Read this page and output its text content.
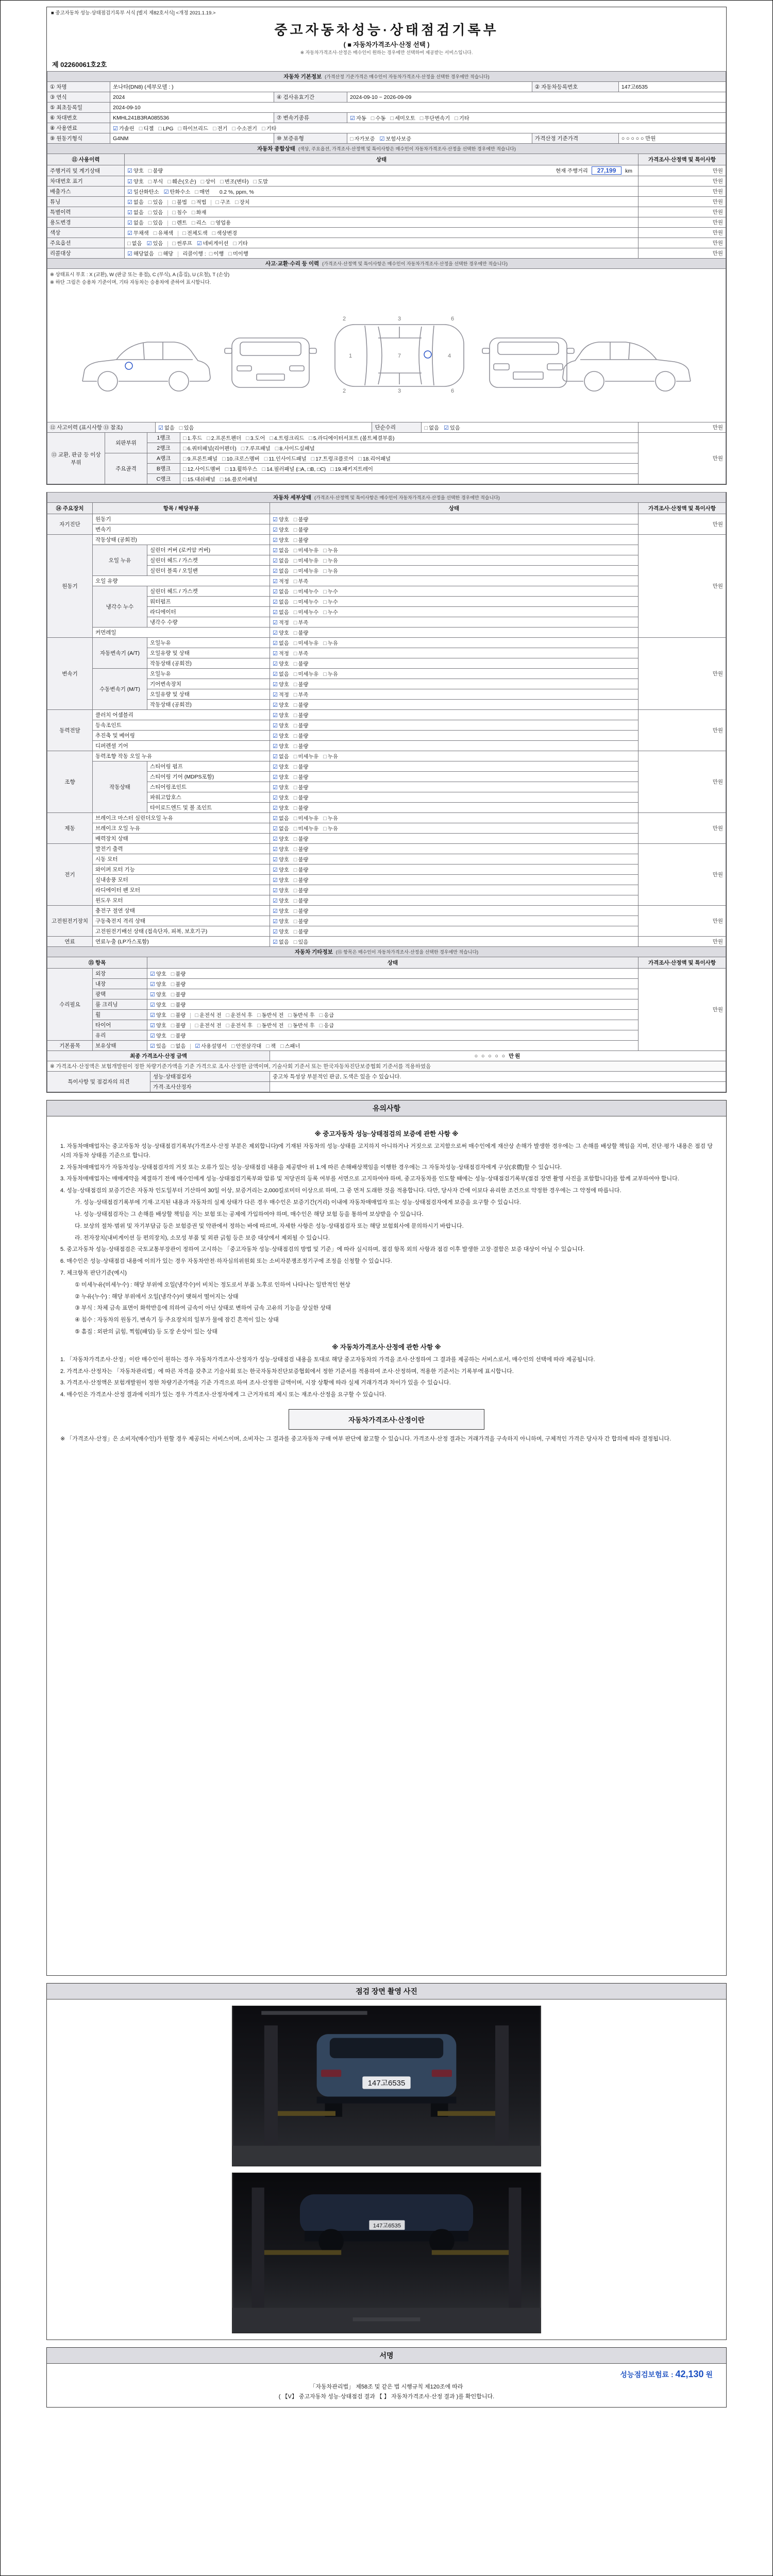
■ 중고자동차 성능·상태점검기록부 서식 [별지 제82호서식] <개정 2021.1.19.>
중고자동차성능·상태점검기록부
( ■ 자동차가격조사·산정 선택 )
※ 자동차가격조사·산정은 매수인이 원하는 경우에만 선택하여 제공받는 서비스입니다.
제 02260061호2호
자동차 기본정보 (가격산정 기준가격은 매수인이 자동차가격조사·산정을 선택한 경우에만 적습니다)					
① 차명	쏘나타(DN8) (세부모델 : )			② 자동차등록번호	147고6535
③ 연식	2024	④ 검사유효기간	2024-09-10 ~ 2026-09-09		
⑤ 최초등록일	2024-09-10				
⑥ 차대번호	KMHL241B3RA085536	⑦ 변속기종류	☑ 자동 □ 수동 □ 세미오토 □ 무단변속기 □ 기타		
⑧ 사용연료	☑ 가솔린 □ 디젤 □ LPG □ 하이브리드 □ 전기 □ 수소전기 □ 기타				
⑨ 원동기형식	G4NM	⑩ 보증유형	□ 자가보증 ☑ 보험사보증	가격산정 기준가격	○ ○ ○ ○ ○ 만원
자동차 종합상태 (색상, 주요옵션, 가격조사·산정액 및 특이사항은 매수인이 자동차가격조사·산정을 선택한 경우에만 적습니다)		
⑪ 사용이력	상태	가격조사·산정액 및 특이사항
주행거리 및 계기상태	☑ 양호 □ 불량 현재 주행거리 27,199 km	만원
차대번호 표기	☑ 양호 □ 부식 □ 훼손(오손) □ 상이 □ 변조(변타) □ 도말	만원
배출가스	☑ 일산화탄소 ☑ 탄화수소 □ 매연 0.2 %, ppm, %	만원
튜닝	☑ 없음 □ 있음 □ 불법 □ 적법 □ 구조 □ 장치	만원
특별이력	☑ 없음 □ 있음 □ 침수 □ 화재	만원
용도변경	☑ 없음 □ 있음 □ 렌트 □ 리스 □ 영업용	만원
색상	☑ 무채색 □ 유채색 □ 전체도색 □ 색상변경	만원
주요옵션	□ 없음 ☑ 있음 □ 썬루프 ☑ 네비게이션 □ 기타	만원
리콜대상	☑ 해당없음 □ 해당 리콜이행 : □ 이행 □ 미이행	만원
사고·교환·수리 등 이력 (가격조사·산정액 및 특이사항은 매수인이 자동차가격조사·산정을 선택한 경우에만 적습니다)

※ 상태표시 부호 : X (교환), W (판금 또는 용접), C (부식), A (흠집), U (요철), T (손상)
※ 하단 그림은 승용차 기준이며, 기타 자동차는 승용차에 준하여 표시합니다.
1	7	4
3
3
2
2
6
6

⑫ 사고이력 (표시사항 ⑬ 참조)	☑ 없음 □ 있음	단순수리	□ 없음 ☑ 있음	만원
⑬ 교환, 판금 등 이상 부위	외판부위	1랭크	□ 1.후드 □ 2.프론트펜더 □ 3.도어 □ 4.트렁크리드 □ 5.라디에이터서포트 (볼트체결부품)	만원
		2랭크	□ 6.쿼터패널(리어펜더) □ 7.루프패널 □ 8.사이드실패널	
	주요골격	A랭크	□ 9.프론트패널 □ 10.크로스멤버 □ 11.인사이드패널 □ 17.트렁크플로어 □ 18.리어패널	
		B랭크	□ 12.사이드멤버 □ 13.휠하우스 □ 14.필러패널 (□A, □B, □C) □ 19.패키지트레이	
		C랭크	□ 15.대쉬패널 □ 16.플로어패널	
자동차 세부상태 (가격조사·산정액 및 특이사항은 매수인이 자동차가격조사·산정을 선택한 경우에만 적습니다)				
⑭ 주요장치	항목 / 해당부품		상태	가격조사·산정액 및 특이사항
자기진단	원동기		☑ 양호 □ 불량	만원
	변속기		☑ 양호 □ 불량	
원동기	작동상태 (공회전)		☑ 양호 □ 불량	만원
	오일 누유	실린더 커버 (로커암 커버)	☑ 없음 □ 미세누유 □ 누유	
		실린더 헤드 / 가스켓	☑ 없음 □ 미세누유 □ 누유	
		실린더 블록 / 오일팬	☑ 없음 □ 미세누유 □ 누유	
	오일 유량		☑ 적정 □ 부족	
	냉각수 누수	실린더 헤드 / 가스켓	☑ 없음 □ 미세누수 □ 누수	
		워터펌프	☑ 없음 □ 미세누수 □ 누수	
		라디에이터	☑ 없음 □ 미세누수 □ 누수	
		냉각수 수량	☑ 적정 □ 부족	
	커먼레일		☑ 양호 □ 불량	
변속기	자동변속기 (A/T)	오일누유	☑ 없음 □ 미세누유 □ 누유	만원
		오일유량 및 상태	☑ 적정 □ 부족	
		작동상태 (공회전)	☑ 양호 □ 불량	
	수동변속기 (M/T)	오일누유	☑ 없음 □ 미세누유 □ 누유	
		기어변속장치	☑ 양호 □ 불량	
		오일유량 및 상태	☑ 적정 □ 부족	
		작동상태 (공회전)	☑ 양호 □ 불량	
동력전달	클러치 어셈블리		☑ 양호 □ 불량	만원
	등속조인트		☑ 양호 □ 불량	
	추진축 및 베어링		☑ 양호 □ 불량	
	디퍼렌셜 기어		☑ 양호 □ 불량	
조향	동력조향 작동 오일 누유		☑ 없음 □ 미세누유 □ 누유	만원
	작동상태	스티어링 펌프	☑ 양호 □ 불량	
		스티어링 기어 (MDPS포함)	☑ 양호 □ 불량	
		스티어링조인트	☑ 양호 □ 불량	
		파워고압호스	☑ 양호 □ 불량	
		타이로드엔드 및 볼 조인트	☑ 양호 □ 불량	
제동	브레이크 마스터 실린더오일 누유		☑ 없음 □ 미세누유 □ 누유	만원
	브레이크 오일 누유		☑ 없음 □ 미세누유 □ 누유	
	배력장치 상태		☑ 양호 □ 불량	
전기	발전기 출력		☑ 양호 □ 불량	만원
	시동 모터		☑ 양호 □ 불량	
	와이퍼 모터 기능		☑ 양호 □ 불량	
	실내송풍 모터		☑ 양호 □ 불량	
	라디에이터 팬 모터		☑ 양호 □ 불량	
	윈도우 모터		☑ 양호 □ 불량	
고전원전기장치	충전구 절연 상태		☑ 양호 □ 불량	만원
	구동축전지 격리 상태		☑ 양호 □ 불량	
	고전원전기배선 상태 (접속단자, 피복, 보호기구)		☑ 양호 □ 불량	
연료	연료누출 (LP가스포함)		☑ 없음 □ 있음	만원
자동차 기타정보 (⑮ 항목은 매수인이 자동차가격조사·산정을 선택한 경우에만 적습니다)			
⑮ 항목		상태	가격조사·산정액 및 특이사항
수리필요	외장	☑ 양호 □ 불량	만원
	내장	☑ 양호 □ 불량	
	광택	☑ 양호 □ 불량	
	룸 크리닝	☑ 양호 □ 불량	
	휠	☑ 양호 □ 불량 □ 운전석 전 □ 운전석 후 □ 동반석 전 □ 동반석 후 □ 응급	
	타이어	☑ 양호 □ 불량 □ 운전석 전 □ 운전석 후 □ 동반석 전 □ 동반석 후 □ 응급	
	유리	☑ 양호 □ 불량	
기본품목	보유상태	☑ 있음 □ 없음 ☑ 사용설명서 □ 안전삼각대 □ 잭 □ 스패너	
최종 가격조사·산정 금액	○ ○ ○ ○ ○ 만원
※ 가격조사·산정액은 보험개발원이 정한 차량기준가액을 기준 가격으로 조사·산정한 금액이며, 기술사회 기준서 또는 한국자동차진단보증협회 기준서를 적용하였음
특이사항 및 점검자의 의견	성능·상태점검자	중고차 특성상 부분적인 판금, 도색은 있을 수 있습니다.
	가격·조사산정자	
유의사항

※ 중고자동차 성능·상태점검의 보증에 관한 사항 ※

1. 자동차매매업자는 중고자동차 성능·상태점검기록부(가격조사·산정 부분은 제외합니다)에 기재된 자동차의 성능·상태를 고지하지 아니하거나 거짓으로 고지함으로써 매수인에게 재산상 손해가 발생한 경우에는 그 손해를 배상할 책임을 지며, 진단·평가 내용은 점검 당시의 자동차 상태를 기준으로 합니다.

2. 자동차매매업자가 자동차성능·상태점검자의 거짓 또는 오류가 있는 성능·상태점검 내용을 제공받아 위 1.에 따른 손해배상책임을 이행한 경우에는 그 자동차성능·상태점검자에게 구상(求償)할 수 있습니다.

3. 자동차매매업자는 매매계약을 체결하기 전에 매수인에게 성능·상태점검기록부와 압류 및 저당권의 등록 여부를 서면으로 고지하여야 하며, 중고자동차를 인도할 때에는 성능·상태점검기록부(점검 장면 촬영 사진을 포함합니다)를 함께 교부하여야 합니다.

4. 성능·상태점검의 보증기간은 자동차 인도일부터 기산하여 30일 이상, 보증거리는 2,000킬로미터 이상으로 하며, 그 중 먼저 도래한 것을 적용합니다. 다만, 당사자 간에 이보다 유리한 조건으로 약정한 경우에는 그 약정에 따릅니다.

가. 성능·상태점검기록부에 기재·고지된 내용과 자동차의 실제 상태가 다른 경우 매수인은 보증기간(거리) 이내에 자동차매매업자 또는 성능·상태점검자에게 보증을 요구할 수 있습니다.

나. 성능·상태점검자는 그 손해를 배상할 책임을 지는 보험 또는 공제에 가입하여야 하며, 매수인은 해당 보험 등을 통하여 보상받을 수 있습니다.

다. 보상의 절차·범위 및 자기부담금 등은 보험증권 및 약관에서 정하는 바에 따르며, 자세한 사항은 성능·상태점검자 또는 해당 보험회사에 문의하시기 바랍니다.

라. 전자장치(내비게이션 등 편의장치), 소모성 부품 및 외관 긁힘 등은 보증 대상에서 제외될 수 있습니다.

5. 중고자동차 성능·상태점검은 국토교통부장관이 정하여 고시하는 「중고자동차 성능·상태점검의 방법 및 기준」에 따라 실시하며, 점검 항목 외의 사항과 점검 이후 발생한 고장·결함은 보증 대상이 아닐 수 있습니다.

6. 매수인은 성능·상태점검 내용에 이의가 있는 경우 자동차안전·하자심의위원회 또는 소비자분쟁조정기구에 조정을 신청할 수 있습니다.

7. 체크항목 판단기준(예시)

① 미세누유(미세누수) : 해당 부위에 오일(냉각수)이 비치는 정도로서 부품 노후로 인하여 나타나는 일반적인 현상

② 누유(누수) : 해당 부위에서 오일(냉각수)이 맺혀서 떨어지는 상태

③ 부식 : 차체 금속 표면이 화학반응에 의하여 금속이 아닌 상태로 변하여 금속 고유의 기능을 상실한 상태

④ 침수 : 자동차의 원동기, 변속기 등 주요장치의 일부가 물에 잠긴 흔적이 있는 상태

⑤ 흠집 : 외판의 긁힘, 찍힘(패임) 등 도장 손상이 있는 상태

※ 자동차가격조사·산정에 관한 사항 ※

1. 「자동차가격조사·산정」이란 매수인이 원하는 경우 자동차가격조사·산정자가 성능·상태점검 내용을 토대로 해당 중고자동차의 가격을 조사·산정하여 그 결과를 제공하는 서비스로서, 매수인의 선택에 따라 제공됩니다.

2. 가격조사·산정자는 「자동차관리법」에 따른 자격을 갖추고 기술사회 또는 한국자동차진단보증협회에서 정한 기준서를 적용하여 조사·산정하며, 적용한 기준서는 기록부에 표시합니다.

3. 가격조사·산정액은 보험개발원이 정한 차량기준가액을 기준 가격으로 하여 조사·산정한 금액이며, 시장 상황에 따라 실제 거래가격과 차이가 있을 수 있습니다.

4. 매수인은 가격조사·산정 결과에 이의가 있는 경우 가격조사·산정자에게 그 근거자료의 제시 또는 재조사·산정을 요구할 수 있습니다.

자동차가격조사·산정이란

※ 「가격조사·산정」은 소비자(매수인)가 원할 경우 제공되는 서비스이며, 소비자는 그 결과를 중고자동차 구매 여부 판단에 참고할 수 있습니다. 가격조사·산정 결과는 거래가격을 구속하지 아니하며, 구체적인 가격은 당사자 간 합의에 따라 결정됩니다.

점검 장면 촬영 사진
147고6535
147고6535
서명
성능점검보험료 : 42,130 원

「자동차관리법」 제58조 및 같은 법 시행규칙 제120조에 따라

( 【V】 중고자동차 성능·상태점검 결과 【 】 자동차가격조사·산정 결과 )를 확인합니다.
